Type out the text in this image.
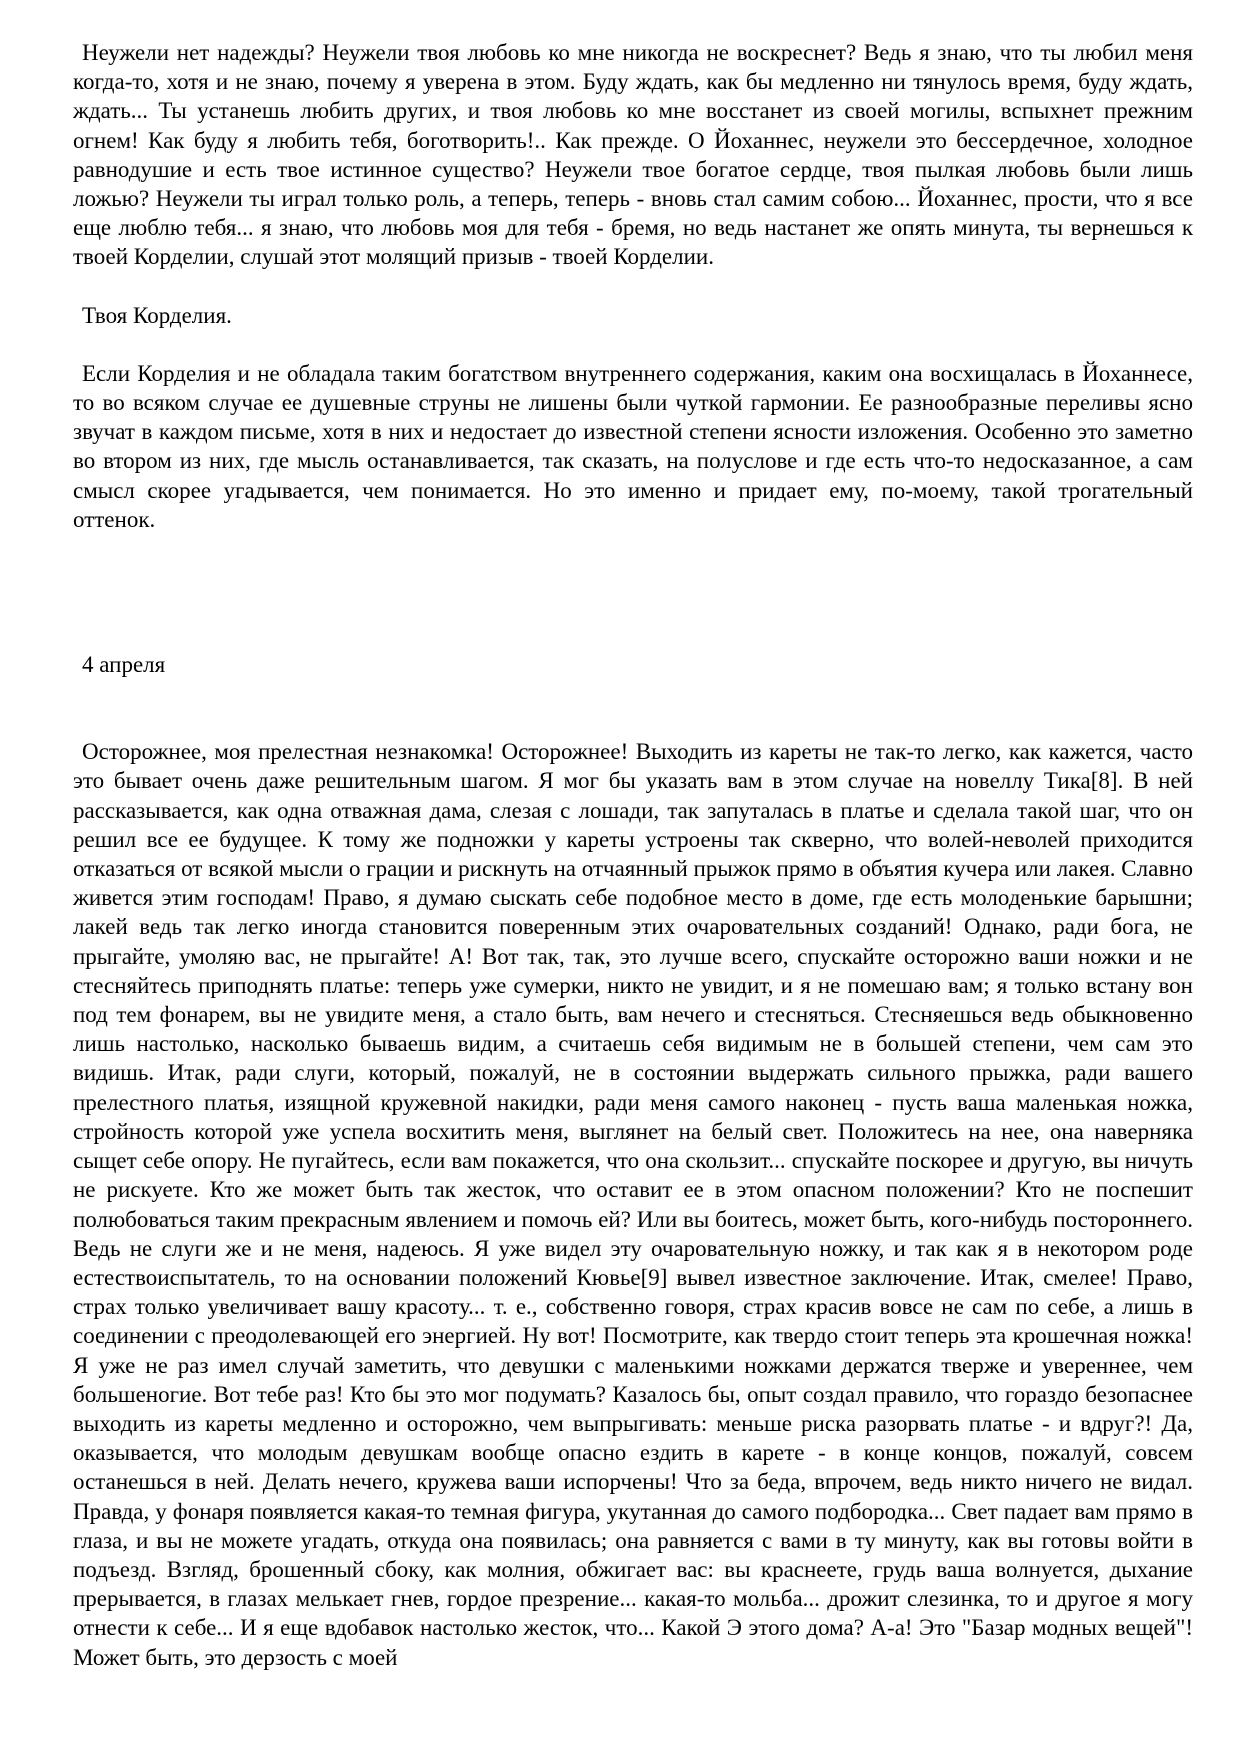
Неужели нет надежды? Неужели твоя любовь ко мне никогда не воскреснет? Ведь я знаю, что ты любил меня когда-то, хотя и не знаю, почему я уверена в этом. Буду ждать, как бы медленно ни тянулось время, буду ждать, ждать... Ты устанешь любить других, и твоя любовь ко мне восстанет из своей могилы, вспыхнет прежним огнем! Как буду я любить тебя, боготворить!.. Как прежде. О Йоханнес, неужели это бессердечное, холодное равнодушие и есть твое истинное существо? Неужели твое богатое сердце, твоя пылкая любовь были лишь ложью? Неужели ты играл только роль, а теперь, теперь - вновь стал самим собою... Йоханнес, прости, что я все еще люблю тебя... я знаю, что любовь моя для тебя - бремя, но ведь настанет же опять минута, ты вернешься к твоей Корделии, слушай этот молящий призыв - твоей Корделии.

Твоя Корделия.

Если Корделия и не обладала таким богатством внутреннего содержания, каким она восхищалась в Йоханнесе, то во всяком случае ее душевные струны не лишены были чуткой гармонии. Ее разнообразные переливы ясно звучат в каждом письме, хотя в них и недостает до известной степени ясности изложения. Особенно это заметно во втором из них, где мысль останавливается, так сказать, на полуслове и где есть что-то недосказанное, а сам смысл скорее угадывается, чем понимается. Но это именно и придает ему, по-моему, такой трогательный оттенок.

4 апреля

Осторожнее, моя прелестная незнакомка! Осторожнее! Выходить из кареты не так-то легко, как кажется, часто это бывает очень даже решительным шагом. Я мог бы указать вам в этом случае на новеллу Тика[8]. В ней рассказывается, как одна отважная дама, слезая с лошади, так запуталась в платье и сделала такой шаг, что он решил все ее будущее. К тому же подножки у кареты устроены так скверно, что волей-неволей приходится отказаться от всякой мысли о грации и рискнуть на отчаянный прыжок прямо в объятия кучера или лакея. Славно живется этим господам! Право, я думаю сыскать себе подобное место в доме, где есть молоденькие барышни; лакей ведь так легко иногда становится поверенным этих очаровательных созданий! Однако, ради бога, не прыгайте, умоляю вас, не прыгайте! А! Вот так, так, это лучше всего, спускайте осторожно ваши ножки и не стесняйтесь приподнять платье: теперь уже сумерки, никто не увидит, и я не помешаю вам; я только встану вон под тем фонарем, вы не увидите меня, а стало быть, вам нечего и стесняться. Стесняешься ведь обыкновенно лишь настолько, насколько бываешь видим, а считаешь себя видимым не в большей степени, чем сам это видишь. Итак, ради слуги, который, пожалуй, не в состоянии выдержать сильного прыжка, ради вашего прелестного платья, изящной кружевной накидки, ради меня самого наконец - пусть ваша маленькая ножка, стройность которой уже успела восхитить меня, выглянет на белый свет. Положитесь на нее, она наверняка сыщет себе опору. Не пугайтесь, если вам покажется, что она скользит... спускайте поскорее и другую, вы ничуть не рискуете. Кто же может быть так жесток, что оставит ее в этом опасном положении? Кто не поспешит полюбоваться таким прекрасным явлением и помочь ей? Или вы боитесь, может быть, кого-нибудь постороннего. Ведь не слуги же и не меня, надеюсь. Я уже видел эту очаровательную ножку, и так как я в некотором роде естествоиспытатель, то на основании положений Кювье[9] вывел известное заключение. Итак, смелее! Право, страх только увеличивает вашу красоту... т. е., собственно говоря, страх красив вовсе не сам по себе, а лишь в соединении с преодолевающей его энергией. Ну вот! Посмотрите, как твердо стоит теперь эта крошечная ножка! Я уже не раз имел случай заметить, что девушки с маленькими ножками держатся тверже и увереннее, чем большеногие. Вот тебе раз! Кто бы это мог подумать? Казалось бы, опыт создал правило, что гораздо безопаснее выходить из кареты медленно и осторожно, чем выпрыгивать: меньше риска разорвать платье - и вдруг?! Да, оказывается, что молодым девушкам вообще опасно ездить в карете - в конце концов, пожалуй, совсем останешься в ней. Делать нечего, кружева ваши испорчены! Что за беда, впрочем, ведь никто ничего не видал. Правда, у фонаря появляется какая-то темная фигура, укутанная до самого подбородка... Свет падает вам прямо в глаза, и вы не можете угадать, откуда она появилась; она равняется с вами в ту минуту, как вы готовы войти в подъезд. Взгляд, брошенный сбоку, как молния, обжигает вас: вы краснеете, грудь ваша волнуется, дыхание прерывается, в глазах мелькает гнев, гордое презрение... какая-то мольба... дрожит слезинка, то и другое я могу отнести к себе... И я еще вдобавок настолько жесток, что... Какой Э этого дома? А-а! Это "Базар модных вещей"! Может быть, это дерзость с моей
